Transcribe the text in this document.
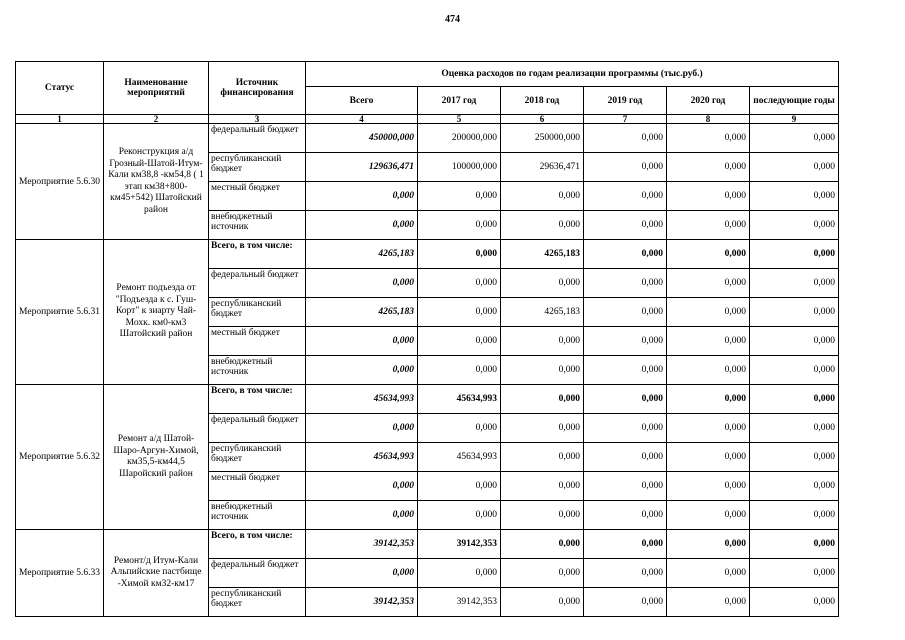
474
Статус	Наименование мероприятий	Источник финансирования	Оценка расходов по годам реализации программы (тыс.руб.)					
			Всего	2017 год	2018 год	2019 год	2020 год	последующие годы
1	2	3	4	5	6	7	8	9
Мероприятие 5.6.30	Реконструкция а/д Грозный-Шатой-Итум-Кали км38,8 -км54,8 ( 1 этап км38+800-км45+542) Шатойский район	федеральный бюджет	450000,000	200000,000	250000,000	0,000	0,000	0,000
		республиканский бюджет	129636,471	100000,000	29636,471	0,000	0,000	0,000
		местный бюджет	0,000	0,000	0,000	0,000	0,000	0,000
		внебюджетный источник	0,000	0,000	0,000	0,000	0,000	0,000
Мероприятие 5.6.31	Ремонт подъезда от "Подъезда к с. Гуш-Корт" к зиарту Чай-Мохк. км0-км3 Шатойский район	Всего, в том числе:	4265,183	0,000	4265,183	0,000	0,000	0,000
		федеральный бюджет	0,000	0,000	0,000	0,000	0,000	0,000
		республиканский бюджет	4265,183	0,000	4265,183	0,000	0,000	0,000
		местный бюджет	0,000	0,000	0,000	0,000	0,000	0,000
		внебюджетный источник	0,000	0,000	0,000	0,000	0,000	0,000
Мероприятие 5.6.32	Ремонт а/д Шатой-Шаро-Аргун-Химой, км35,5-км44,5 Шаройский район	Всего, в том числе:	45634,993	45634,993	0,000	0,000	0,000	0,000
		федеральный бюджет	0,000	0,000	0,000	0,000	0,000	0,000
		республиканский бюджет	45634,993	45634,993	0,000	0,000	0,000	0,000
		местный бюджет	0,000	0,000	0,000	0,000	0,000	0,000
		внебюджетный источник	0,000	0,000	0,000	0,000	0,000	0,000
Мероприятие 5.6.33	Ремонт/д Итум-Кали Альпийские пастбище -Химой км32-км17	Всего, в том числе:	39142,353	39142,353	0,000	0,000	0,000	0,000
		федеральный бюджет	0,000	0,000	0,000	0,000	0,000	0,000
		республиканский бюджет	39142,353	39142,353	0,000	0,000	0,000	0,000
